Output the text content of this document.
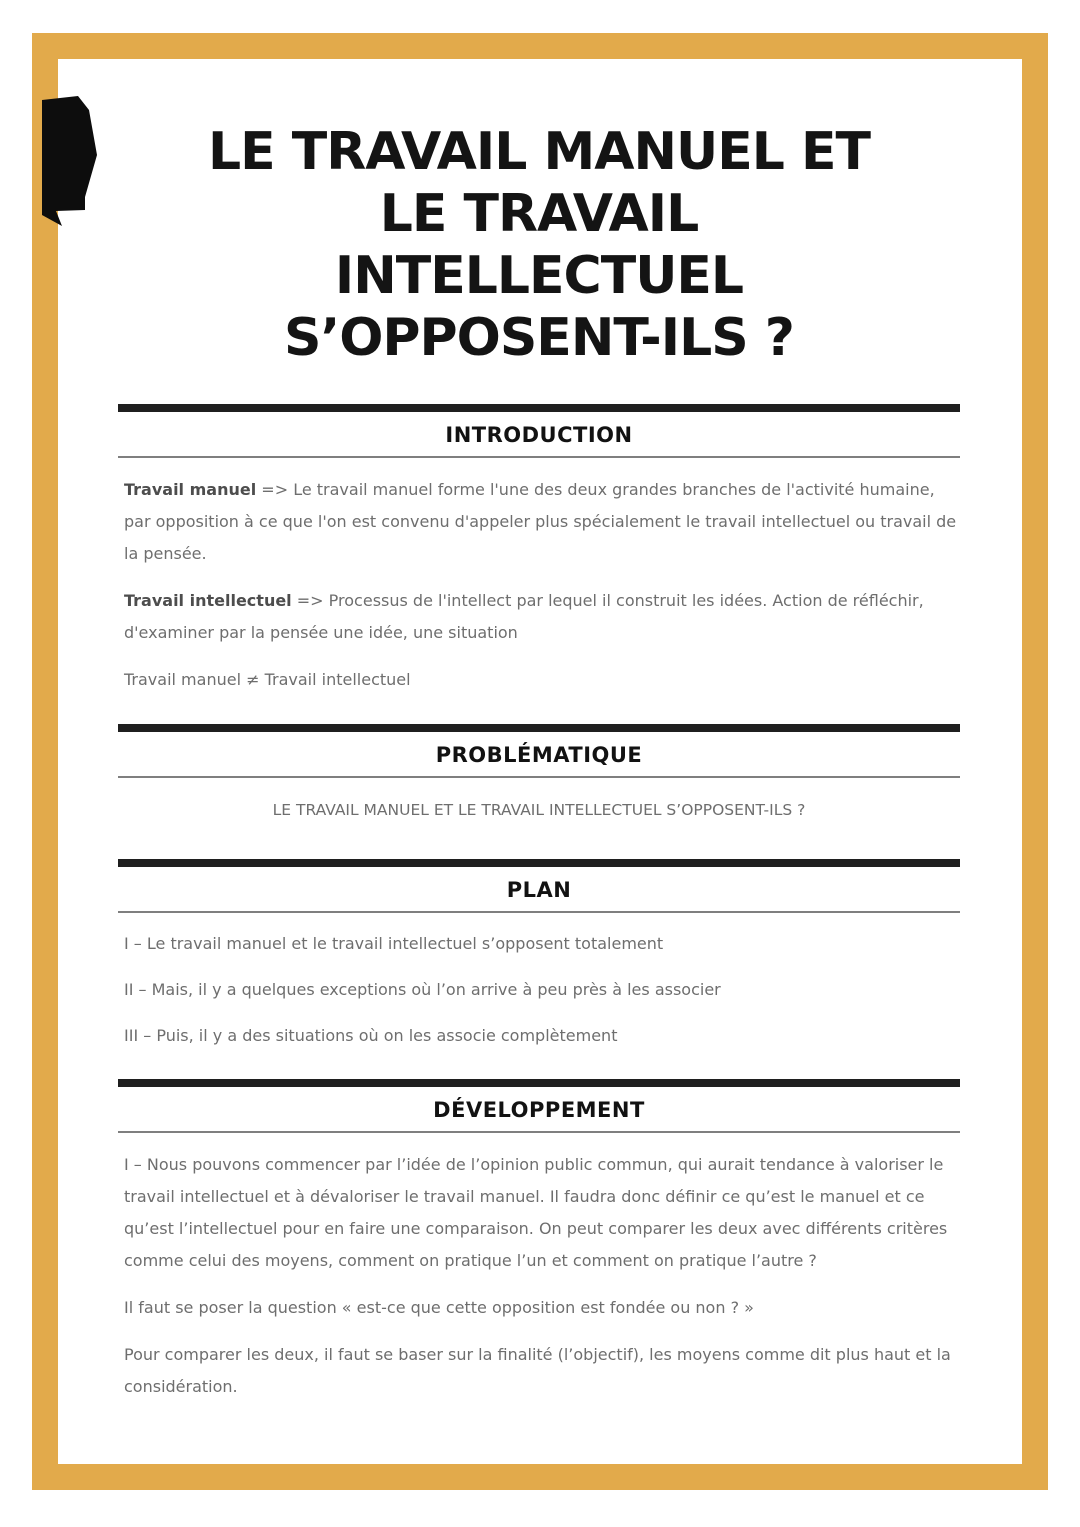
LE TRAVAIL MANUEL ET
LE TRAVAIL
INTELLECTUEL
S’OPPOSENT-ILS ?
INTRODUCTION

Travail manuel => Le travail manuel forme l'une des deux grandes branches de l'activité humaine, par opposition à ce que l'on est convenu d'appeler plus spécialement le travail intellectuel ou travail de la pensée.

Travail intellectuel => Processus de l'intellect par lequel il construit les idées. Action de réfléchir, d'examiner par la pensée une idée, une situation

Travail manuel ≠ Travail intellectuel

PROBLÉMATIQUE
LE TRAVAIL MANUEL ET LE TRAVAIL INTELLECTUEL S’OPPOSENT-ILS ?
PLAN

I – Le travail manuel et le travail intellectuel s’opposent totalement

II – Mais, il y a quelques exceptions où l’on arrive à peu près à les associer

III – Puis, il y a des situations où on les associe complètement

DÉVELOPPEMENT

I – Nous pouvons commencer par l’idée de l’opinion public commun, qui aurait tendance à valoriser le travail intellectuel et à dévaloriser le travail manuel. Il faudra donc définir ce qu’est le manuel et ce qu’est l’intellectuel pour en faire une comparaison. On peut comparer les deux avec différents critères comme celui des moyens, comment on pratique l’un et comment on pratique l’autre ?

Il faut se poser la question « est-ce que cette opposition est fondée ou non ? »

Pour comparer les deux, il faut se baser sur la finalité (l’objectif), les moyens comme dit plus haut et la considération.
